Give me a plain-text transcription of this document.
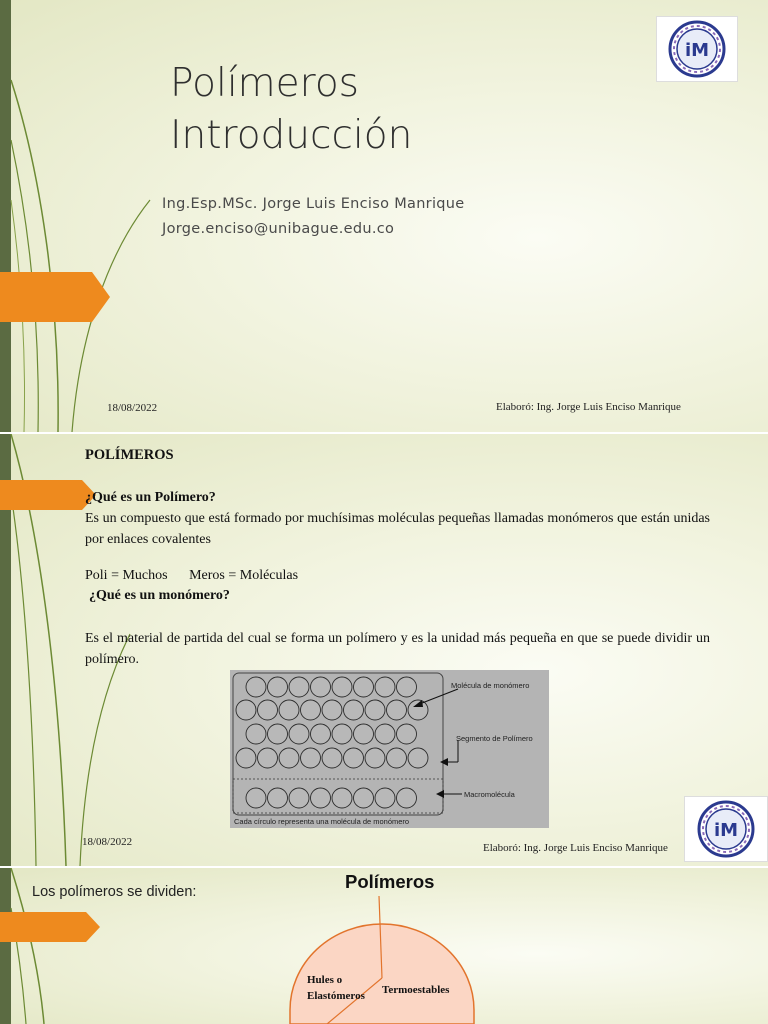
Polímeros
Introducción
Ing.Esp.MSc. Jorge Luis Enciso Manrique
Jorge.enciso@unibague.edu.co
iM
18/08/2022	Elaboró: Ing. Jorge Luis Enciso Manrique
POLÍMEROS
¿Qué es un Polímero?

Es un compuesto que está formado por muchísimas moléculas pequeñas llamadas monómeros que están unidas por enlaces covalentes

Poli = Muchos Meros = Moléculas
¿Qué es un monómero?

Es el material de partida del cual se forma un polímero y es la unidad más pequeña en que se puede dividir un polímero.

Molécula de monómero
Segmento de Polímero
Macromolécula
Cada círculo representa una molécula de monómero	iM
18/08/2022	Elaboró: Ing. Jorge Luis Enciso Manrique
Los polímeros se dividen:	Polímeros
Hules o
Elastómeros Termoestables
